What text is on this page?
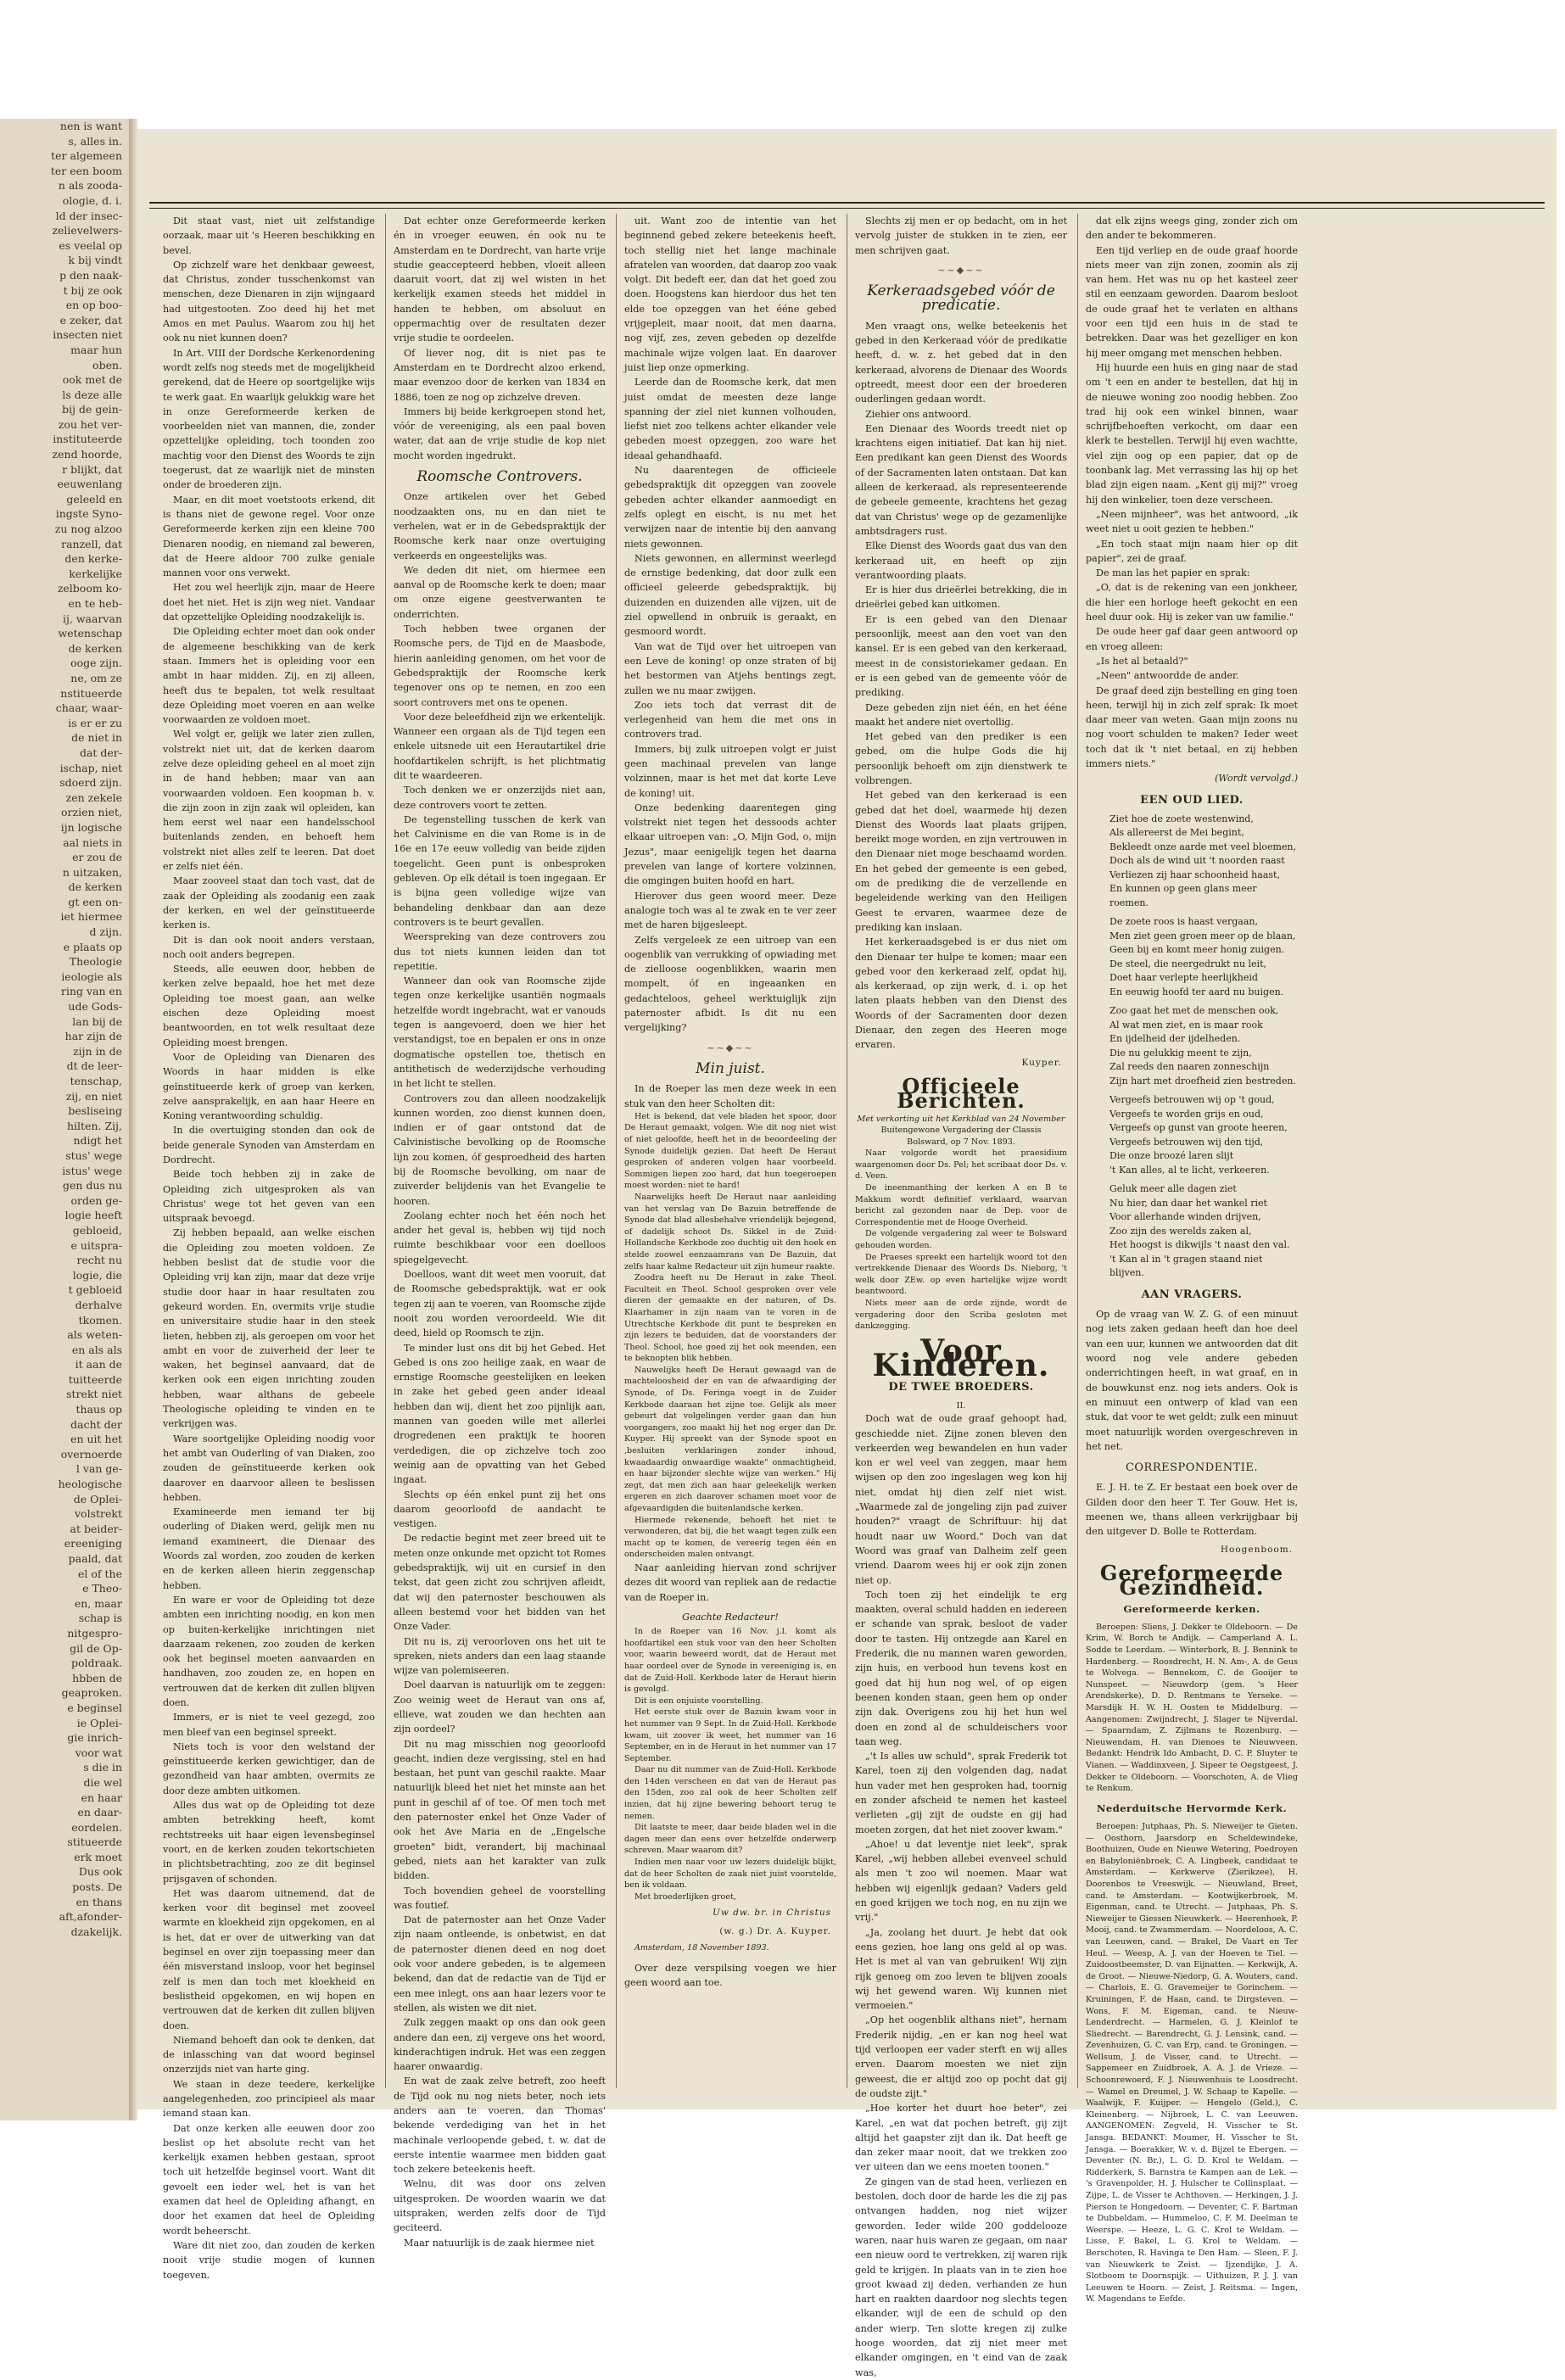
nen is want
s, alles in.
ter algemeen
ter een boom
n als zooda-
ologie, d. i.
ld der insec-
zelievelwers-
es veelal op
k bij vindt
p den naak-
t bij ze ook
en op boo-
e zeker, dat
insecten niet
maar hun
oben.
ook met de
ls deze alle
bij de gein-
zou het ver-
instituteerde
zend hoorde,
r blijkt, dat
eeuwenlang
geleeld en
ingste Syno-
zu nog alzoo
ranzell, dat
den kerke-
kerkelijke
zelboom ko-
en te heb-
ij, waarvan
wetenschap
de kerken
ooge zijn.
ne, om ze
nstitueerde
chaar, waar-
is er er zu
de niet in
dat der-
ischap, niet
sdoerd zijn.
zen zekele
orzien niet,
ijn logische
aal niets in
er zou de
n uitzaken,
de kerken
gt een on-
iet hiermee
d zijn.
e plaats op
Theologie
ieologie als
ring van en
ude Gods-
lan bij de
har zijn de
zijn in de
dt de leer-
tenschap,
zij, en niet
besliseing
hilten. Zij,
ndigt het
stus' wege
istus' wege
gen dus nu
orden ge-
logie heeft
gebloeid,
e uitspra-
recht nu
logie, die
t gebloeid
derhalve
tkomen.
als weten-
en als als
it aan de
tuitteerde
strekt niet
thaus op
dacht der
en uit het
overnoerde
l van ge-
heologische
de Oplei-
volstrekt
at beider-
ereeniging
paald, dat
el of the
e Theo-
en, maar
schap is
nitgespro-
gil de Op-
poldraak.
hbben de
geaproken.
e beginsel
ie Oplei-
gie inrich-
voor wat
s die in
die wel
en haar
en daar-
eordelen.
stitueerde
erk moet
Dus ook
posts. De
en thans
aft,afonder-
dzakelijk.

Dit staat vast, niet uit zelfstandige oorzaak, maar uit 's Heeren beschikking en bevel.

Op zichzelf ware het denkbaar geweest, dat Christus, zonder tusschenkomst van menschen, deze Dienaren in zijn wijngaard had uitgestooten. Zoo deed hij het met Amos en met Paulus. Waarom zou hij het ook nu niet kunnen doen?

In Art. VIII der Dordsche Kerkenordening wordt zelfs nog steeds met de mogelijkheid gerekend, dat de Heere op soortgelijke wijs te werk gaat. En waarlijk gelukkig ware het in onze Gereformeerde kerken de voorbeelden niet van mannen, die, zonder opzettelijke opleiding, toch toonden zoo machtig voor den Dienst des Woords te zijn toegerust, dat ze waarlijk niet de minsten onder de broederen zijn.

Maar, en dit moet voetstoots erkend, dit is thans niet de gewone regel. Voor onze Gereformeerde kerken zijn een kleine 700 Dienaren noodig, en niemand zal beweren, dat de Heere aldoor 700 zulke geniale mannen voor ons verwekt.

Het zou wel heerlijk zijn, maar de Heere doet het niet. Het is zijn weg niet. Vandaar dat opzettelijke Opleiding noodzakelijk is.

Die Opleiding echter moet dan ook onder de algemeene beschikking van de kerk staan. Immers het is opleiding voor een ambt in haar midden. Zij, en zij alleen, heeft dus te bepalen, tot welk resultaat deze Opleiding moet voeren en aan welke voorwaarden ze voldoen moet.

Wel volgt er, gelijk we later zien zullen, volstrekt niet uit, dat de kerken daarom zelve deze opleiding geheel en al moet zijn in de hand hebben; maar van aan voorwaarden voldoen. Een koopman b. v. die zijn zoon in zijn zaak wil opleiden, kan hem eerst wel naar een handelsschool buitenlands zenden, en behoeft hem volstrekt niet alles zelf te leeren. Dat doet er zelfs niet één.

Maar zooveel staat dan toch vast, dat de zaak der Opleiding als zoodanig een zaak der kerken, en wel der geïnstitueerde kerken is.

Dit is dan ook nooit anders verstaan, noch ooit anders begrepen.

Steeds, alle eeuwen door, hebben de kerken zelve bepaald, hoe het met deze Opleiding toe moest gaan, aan welke eischen deze Opleiding moest beantwoorden, en tot welk resultaat deze Opleiding moest brengen.

Voor de Opleiding van Dienaren des Woords in haar midden is elke geïnstitueerde kerk of groep van kerken, zelve aansprakelijk, en aan haar Heere en Koning verantwoording schuldig.

In die overtuiging stonden dan ook de beide generale Synoden van Amsterdam en Dordrecht.

Beide toch hebben zij in zake de Opleiding zich uitgesproken als van Christus' wege tot het geven van een uitspraak bevoegd.

Zij hebben bepaald, aan welke eischen die Opleiding zou moeten voldoen. Ze hebben beslist dat de studie voor die Opleiding vrij kan zijn, maar dat deze vrije studie door haar in haar resultaten zou gekeurd worden. En, overmits vrije studie en universitaire studie haar in den steek lieten, hebben zij, als geroepen om voor het ambt en voor de zuiverheid der leer te waken, het beginsel aanvaard, dat de kerken ook een eigen inrichting zouden hebben, waar althans de gebeele Theologische opleiding te vinden en te verkrijgen was.

Ware soortgelijke Opleiding noodig voor het ambt van Ouderling of van Diaken, zoo zouden de geïnstitueerde kerken ook daarover en daarvoor alleen te beslissen hebben.

Examineerde men iemand ter bij ouderling of Diaken werd, gelijk men nu iemand examineert, die Dienaar des Woords zal worden, zoo zouden de kerken en de kerken alleen hierin zeggenschap hebben.

En ware er voor de Opleiding tot deze ambten een inrichting noodig, en kon men op buiten-kerkelijke inrichtingen niet daarzaam rekenen, zoo zouden de kerken ook het beginsel moeten aanvaarden en handhaven, zoo zouden ze, en hopen en vertrouwen dat de kerken dit zullen blijven doen.

Immers, er is niet te veel gezegd, zoo men bleef van een beginsel spreekt.

Niets toch is voor den welstand der geïnstitueerde kerken gewichtiger, dan de gezondheid van haar ambten, overmits ze door deze ambten uitkomen.

Alles dus wat op de Opleiding tot deze ambten betrekking heeft, komt rechtstreeks uit haar eigen levensbeginsel voort, en de kerken zouden tekortschieten in plichtsbetrachting, zoo ze dit beginsel prijsgaven of schonden.

Het was daarom uitnemend, dat de kerken voor dit beginsel met zooveel warmte en kloekheid zijn opgekomen, en al is het, dat er over de uitwerking van dat beginsel en over zijn toepassing meer dan één misverstand insloop, voor het beginsel zelf is men dan toch met kloekheid en beslistheid opgekomen, en wij hopen en vertrouwen dat de kerken dit zullen blijven doen.

Niemand behoeft dan ook te denken, dat de inlassching van dat woord beginsel onzerzijds niet van harte ging.

We staan in deze teedere, kerkelijke aangelegenheden, zoo principieel als maar iemand staan kan.

Dat onze kerken alle eeuwen door zoo beslist op het absolute recht van het kerkelijk examen hebben gestaan, sproot toch uit hetzelfde beginsel voort. Want dit gevoelt een ieder wel, het is van het examen dat heel de Opleiding afhangt, en door het examen dat heel de Opleiding wordt beheerscht.

Ware dit niet zoo, dan zouden de kerken nooit vrije studie mogen of kunnen toegeven.

Dat echter onze Gereformeerde kerken én in vroeger eeuwen, én ook nu te Amsterdam en te Dordrecht, van harte vrije studie geaccepteerd hebben, vloeit alleen daaruit voort, dat zij wel wisten in het kerkelijk examen steeds het middel in handen te hebben, om absoluut en oppermachtig over de resultaten dezer vrije studie te oordeelen.

Of liever nog, dit is niet pas te Amsterdam en te Dordrecht alzoo erkend, maar evenzoo door de kerken van 1834 en 1886, toen ze nog op zichzelve dreven.

Immers bij beide kerkgroepen stond het, vóór de vereeniging, als een paal boven water, dat aan de vrije studie de kop niet mocht worden ingedrukt.

Roomsche Controvers.

Onze artikelen over het Gebed noodzaakten ons, nu en dan niet te verhelen, wat er in de Gebedspraktijk der Roomsche kerk naar onze overtuiging verkeerds en ongeestelijks was.

We deden dit niet, om hiermee een aanval op de Roomsche kerk te doen; maar om onze eigene geestverwanten te onderrichten.

Toch hebben twee organen der Roomsche pers, de Tijd en de Maasbode, hierin aanleiding genomen, om het voor de Gebedspraktijk der Roomsche kerk tegenover ons op te nemen, en zoo een soort controvers met ons te openen.

Voor deze beleefdheid zijn we erkentelijk. Wanneer een orgaan als de Tijd tegen een enkele uitsnede uit een Herautartikel drie hoofdartikelen schrijft, is het plichtmatig dit te waardeeren.

Toch denken we er onzerzijds niet aan, deze controvers voort te zetten.

De tegenstelling tusschen de kerk van het Calvinisme en die van Rome is in de 16e en 17e eeuw volledig van beide zijden toegelicht. Geen punt is onbesproken gebleven. Op elk détail is toen ingegaan. Er is bijna geen volledige wijze van behandeling denkbaar dan aan deze controvers is te beurt gevallen.

Weerspreking van deze controvers zou dus tot niets kunnen leiden dan tot repetitie.

Wanneer dan ook van Roomsche zijde tegen onze kerkelijke usantiën nogmaals hetzelfde wordt ingebracht, wat er vanouds tegen is aangevoerd, doen we hier het verstandigst, toe en bepalen er ons in onze dogmatische opstellen toe, thetisch en antithetisch de wederzijdsche verhouding in het licht te stellen.

Controvers zou dan alleen noodzakelijk kunnen worden, zoo dienst kunnen doen, indien er of gaar ontstond dat de Calvinistische bevolking op de Roomsche lijn zou komen, óf gesproedheid des harten bij de Roomsche bevolking, om naar de zuiverder belijdenis van het Evangelie te hooren.

Zoolang echter noch het één noch het ander het geval is, hebben wij tijd noch ruimte beschikbaar voor een doelloos spiegelgevecht.

Doelloos, want dit weet men vooruit, dat de Roomsche gebedspraktijk, wat er ook tegen zij aan te voeren, van Roomsche zijde nooit zou worden veroordeeld. Wie dit deed, hield op Roomsch te zijn.

Te minder lust ons dit bij het Gebed. Het Gebed is ons zoo heilige zaak, en waar de ernstige Roomsche geestelijken en leeken in zake het gebed geen ander ideaal hebben dan wij, dient het zoo pijnlijk aan, mannen van goeden wille met allerlei drogredenen een praktijk te hooren verdedigen, die op zichzelve toch zoo weinig aan de opvatting van het Gebed ingaat.

Slechts op één enkel punt zij het ons daarom geoorloofd de aandacht te vestigen.

De redactie begint met zeer breed uit te meten onze onkunde met opzicht tot Romes gebedspraktijk, wij uit en cursief in den tekst, dat geen zicht zou schrijven afleidt, dat wij den paternoster beschouwen als alleen bestemd voor het bidden van het Onze Vader.

Dit nu is, zij veroorloven ons het uit te spreken, niets anders dan een laag staande wijze van polemiseeren.

Doel daarvan is natuurlijk om te zeggen: Zoo weinig weet de Heraut van ons af, ellieve, wat zouden we dan hechten aan zijn oordeel?

Dit nu mag misschien nog geoorloofd geacht, indien deze vergissing, stel en had bestaan, het punt van geschil raakte. Maar natuurlijk bleed het niet het minste aan het punt in geschil af of toe. Of men toch met den paternoster enkel het Onze Vader of ook het Ave Maria en de „Engelsche groeten" bidt, verandert, bij machinaal gebed, niets aan het karakter van zulk bidden.

Toch bovendien geheel de voorstelling was foutief.

Dat de paternoster aan het Onze Vader zijn naam ontleende, is onbetwist, en dat de paternoster dienen deed en nog doet ook voor andere gebeden, is te algemeen bekend, dan dat de redactie van de Tijd er een mee inlegt, ons aan haar lezers voor te stellen, als wisten we dit niet.

Zulk zeggen maakt op ons dan ook geen andere dan een, zij vergeve ons het woord, kinderachtigen indruk. Het was een zeggen haarer onwaardig.

En wat de zaak zelve betreft, zoo heeft de Tijd ook nu nog niets beter, noch iets anders aan te voeren, dan Thomas' bekende verdediging van het in het machinale verloopende gebed, t. w. dat de eerste intentie waarmee men bidden gaat toch zekere beteekenis heeft.

Welnu, dit was door ons zelven uitgesproken. De woorden waarin we dat uitspraken, werden zelfs door de Tijd geciteerd.

Maar natuurlijk is de zaak hiermee niet

uit. Want zoo de intentie van het beginnend gebed zekere beteekenis heeft, toch stellig niet het lange machinale afratelen van woorden, dat daarop zoo vaak volgt. Dit bedeft eer, dan dat het goed zou doen. Hoogstens kan hierdoor dus het ten elde toe opzeggen van het ééne gebed vrijgepleit, maar nooit, dat men daarna, nog vijf, zes, zeven gebeden op dezelfde machinale wijze volgen laat. En daarover juist liep onze opmerking.

Leerde dan de Roomsche kerk, dat men juist omdat de meesten deze lange spanning der ziel niet kunnen volhouden, liefst niet zoo telkens achter elkander vele gebeden moest opzeggen, zoo ware het ideaal gehandhaafd.

Nu daarentegen de officieele gebedspraktijk dit opzeggen van zoovele gebeden achter elkander aanmoedigt en zelfs oplegt en eischt, is nu met het verwijzen naar de intentie bij den aanvang niets gewonnen.

Niets gewonnen, en allerminst weerlegd de ernstige bedenking, dat door zulk een officieel geleerde gebedspraktijk, bij duizenden en duizenden alle vijzen, uit de ziel opwellend in onbruik is geraakt, en gesmoord wordt.

Van wat de Tijd over het uitroepen van een Leve de koning! op onze straten of bij het bestormen van Atjehs bentings zegt, zullen we nu maar zwijgen.

Zoo iets toch dat verrast dit de verlegenheid van hem die met ons in controvers trad.

Immers, bij zulk uitroepen volgt er juist geen machinaal prevelen van lange volzinnen, maar is het met dat korte Leve de koning! uit.

Onze bedenking daarentegen ging volstrekt niet tegen het dessoods achter elkaar uitroepen van: „O, Mijn God, o, mijn Jezus", maar eenigelijk tegen het daarna prevelen van lange of kortere volzinnen, die omgingen buiten hoofd en hart.

Hierover dus geen woord meer. Deze analogie toch was al te zwak en te ver zeer met de haren bijgesleept.

Zelfs vergeleek ze een uitroep van een oogenblik van verrukking of opwiading met de zielloose oogenblikken, waarin men mompelt, óf en ingeaanken en gedachteloos, geheel werktuiglijk zijn paternoster afbidt. Is dit nu een vergelijking?

~~◆~~
Min juist.

In de Roeper las men deze week in een stuk van den heer Scholten dit:

Het is bekend, dat vele bladen het spoor, door De Heraut gemaakt, volgen. Wie dit nog niet wist of niet geloofde, heeft het in de beoordeeling der Synode duidelijk gezien. Dat heeft De Heraut gesproken of anderen volgen haar voorbeeld. Sommigen liepen zoo hard, dat hun toegeroepen moest worden: niet te hard!

Naarwelijks heeft De Heraut naar aanleiding van het verslag van De Bazuin betreffende de Synode dat blad allesbehalve vriendelijk bejegend, of dadelijk schoot Ds. Sikkel in de Zuid-Hollandsche Kerkbode zoo duchtig uit den hoek en stelde zoowel eenzaamrans van De Bazuin, dat zelfs haar kalme Redacteur uit zijn humeur raakte.

Zoodra heeft nu De Heraut in zake Theol. Faculteit en Theol. School gesproken over vele dieren der gemaakte en der naturen, of Ds. Klaarhamer in zijn naam van te voren in de Utrechtsche Kerkbode dit punt te bespreken en zijn lezers te beduiden, dat de voorstanders der Theol. School, hoe goed zij het ook meenden, een te beknopten blik hebben.

Nauwelijks heeft De Heraut gewaagd van de machteloosheid der en van de afwaardiging der Synode, of Ds. Feringa voegt in de Zuider Kerkbode daaraan het zijne toe. Gelijk als meer gebeurt dat volgelingen verder gaan dan hun voorgangers, zoo maakt hij het nog erger dan Dr. Kuyper. Hij spreekt van der Synode spoot en ‚besluiten verklaringen zonder inhoud, kwaadaardig onwaardige waakte" onmachtigheid, en haar bijzonder slechte wijze van werken." Hij zegt, dat men zich aan haar geleekelijk werken ergeren en zich daarover schamen moet voor de afgevaardigden die buitenlandsche kerken.

Hiermede rekenende, behoeft het niet te verwonderen, dat bij, die het waagt tegen zulk een macht op te komen, de vereerig tegen één en onderscheiden malen ontvangt.

Naar aanleiding hiervan zond schrijver dezes dit woord van repliek aan de redactie van de Roeper in.

Geachte Redacteur!

In de Roeper van 16 Nov. j.l. komt als hoofdartikel een stuk voor van den heer Scholten voor, waarin beweerd wordt, dat de Heraut met haar oordeel over de Synode in vereeniging is, en dat de Zuid-Holl. Kerkbode later de Heraut hierin is gevolgd.

Dit is een onjuiste voorstelling.

Het eerste stuk over de Bazuin kwam voor in het nummer van 9 Sept. In de Zuid-Holl. Kerkbode kwam, uit zoover ik weet, het nummer van 16 September, en in de Heraut in het nummer van 17 September.

Daar nu dit nummer van de Zuid-Holl. Kerkbode den 14den verscheen en dat van de Heraut pas den 15den, zoo zal ook de heer Scholten zelf inzien, dat hij zijne bewering behoort terug te nemen.

Dit laatste te meer, daar beide bladen wel in die dagen meer dan eens over hetzelfde onderwerp schreven. Maar waarom dit?

Indien men naar voor uw lezers duidelijk blijkt, dat de heer Scholten de zaak niet juist voorstelde, ben ik voldaan.

Met broederlijken groet,

Uw dw. br. in Christus
(w. g.) Dr. A. Kuyper.
Amsterdam, 18 November 1893.

Over deze verspilsing voegen we hier geen woord aan toe.

Slechts zij men er op bedacht, om in het vervolg juister de stukken in te zien, eer men schrijven gaat.

~~◆~~
Kerkeraadsgebed vóór de predicatie.

Men vraagt ons, welke beteekenis het gebed in den Kerkeraad vóór de predikatie heeft, d. w. z. het gebed dat in den kerkeraad, alvorens de Dienaar des Woords optreedt, meest door een der broederen ouderlingen gedaan wordt.

Ziehier ons antwoord.

Een Dienaar des Woords treedt niet op krachtens eigen initiatief. Dat kan hij niet. Een predikant kan geen Dienst des Woords of der Sacramenten laten ontstaan. Dat kan alleen de kerkeraad, als representeerende de gebeele gemeente, krachtens het gezag dat van Christus' wege op de gezamenlijke ambtsdragers rust.

Elke Dienst des Woords gaat dus van den kerkeraad uit, en heeft op zijn verantwoording plaats.

Er is hier dus drieërlei betrekking, die in drieërlei gebed kan uitkomen.

Er is een gebed van den Dienaar persoonlijk, meest aan den voet van den kansel. Er is een gebed van den kerkeraad, meest in de consistoriekamer gedaan. En er is een gebed van de gemeente vóór de prediking.

Deze gebeden zijn niet één, en het ééne maakt het andere niet overtollig.

Het gebed van den prediker is een gebed, om die hulpe Gods die hij persoonlijk behoeft om zijn dienstwerk te volbrengen.

Het gebed van den kerkeraad is een gebed dat het doel, waarmede hij dezen Dienst des Woords laat plaats grijpen, bereikt moge worden, en zijn vertrouwen in den Dienaar niet moge beschaamd worden. En het gebed der gemeente is een gebed, om de prediking die de verzellende en begeleidende werking van den Heiligen Geest te ervaren, waarmee deze de prediking kan inslaan.

Het kerkeraadsgebed is er dus niet om den Dienaar ter hulpe te komen; maar een gebed voor den kerkeraad zelf, opdat hij, als kerkeraad, op zijn werk, d. i. op het laten plaats hebben van den Dienst des Woords of der Sacramenten door dezen Dienaar, den zegen des Heeren moge ervaren.

Kuyper.
Officieele Berichten.
Met verkorting uit het Kerkblad van 24 November
Buitengewone Vergadering der Classis Bolsward, op 7 Nov. 1893.

Naar volgorde wordt het praesidium waargenomen door Ds. Pel; het scribaat door Ds. v. d. Veen.

De ineenmanthing der kerken A en B te Makkum wordt definitief verklaard, waarvan bericht zal gezonden naar de Dep. voor de Correspondentie met de Hooge Overheid.

De volgende vergadering zal weer te Bolsward gehouden worden.

De Praeses spreekt een hartelijk woord tot den vertrekkende Dienaar des Woords Ds. Nieborg, 't welk door ZEw. op even hartelijke wijze wordt beantwoord.

Niets meer aan de orde zijnde, wordt de vergadering door den Scriba gesloten met dankzegging.

Voor Kinderen.
DE TWEE BROEDERS.
II.

Doch wat de oude graaf gehoopt had, geschiedde niet. Zijne zonen bleven den verkeerden weg bewandelen en hun vader kon er wel veel van zeggen, maar hem wijsen op den zoo ingeslagen weg kon hij niet, omdat hij dien zelf niet wist. „Waarmede zal de jongeling zijn pad zuiver houden?" vraagt de Schriftuur: hij dat houdt naar uw Woord." Doch van dat Woord was graaf van Dalheim zelf geen vriend. Daarom wees hij er ook zijn zonen niet op.

Toch toen zij het eindelijk te erg maakten, overal schuld hadden en iedereen er schande van sprak, besloot de vader door te tasten. Hij ontzegde aan Karel en Frederik, die nu mannen waren geworden, zijn huis, en verbood hun tevens kost en goed dat hij hun nog wel, of op eigen beenen konden staan, geen hem op onder zijn dak. Overigens zou hij het hun wel doen en zond al de schuldeischers voor taan weg.

„'t Is alles uw schuld", sprak Frederik tot Karel, toen zij den volgenden dag, nadat hun vader met hen gesproken had, toornig en zonder afscheid te nemen het kasteel verlieten „gij zijt de oudste en gij had moeten zorgen, dat het niet zoover kwam."

„Ahoe! u dat leventje niet leek", sprak Karel, „wij hebben allebei evenveel schuld als men 't zoo wil noemen. Maar wat hebben wij eigenlijk gedaan? Vaders geld en goed krijgen we toch nog, en nu zijn we vrij."

„Ja, zoolang het duurt. Je hebt dat ook eens gezien, hoe lang ons geld al op was. Het is met al van van gebruiken! Wij zijn rijk genoeg om zoo leven te blijven zooals wij het gewend waren. Wij kunnen niet vermoeien."

„Op het oogenblik althans niet", hernam Frederik nijdig, „en er kan nog heel wat tijd verloopen eer vader sterft en wij alles erven. Daarom moesten we niet zijn geweest, die er altijd zoo op pocht dat gij de oudste zijt."

„Hoe korter het duurt hoe beter", zei Karel, „en wat dat pochen betreft, gij zijt altijd het gaapster zijt dan ik. Dat heeft ge dan zeker maar nooit, dat we trekken zoo ver uiteen dan we eens moeten toonen."

Ze gingen van de stad heen, verliezen en bestolen, doch door de harde les die zij pas ontvangen hadden, nog niet wijzer geworden. Ieder wilde 200 goddelooze waren, naar huis waren ze gegaan, om naar een nieuw oord te vertrekken, zij waren rijk geld te krijgen. In plaats van in te zien hoe groot kwaad zij deden, verhanden ze hun hart en raakten daardoor nog slechts tegen elkander, wijl de een de schuld op den ander wierp. Ten slotte kregen zij zulke hooge woorden, dat zij niet meer met elkander omgingen, en 't eind van de zaak was,

dat elk zijns weegs ging, zonder zich om den ander te bekommeren.

Een tijd verliep en de oude graaf hoorde niets meer van zijn zonen, zoomin als zij van hem. Het was nu op het kasteel zeer stil en eenzaam geworden. Daarom besloot de oude graaf het te verlaten en althans voor een tijd een huis in de stad te betrekken. Daar was het gezelliger en kon hij meer omgang met menschen hebben.

Hij huurde een huis en ging naar de stad om 't een en ander te bestellen, dat hij in de nieuwe woning zoo noodig hebben. Zoo trad hij ook een winkel binnen, waar schrijfbehoeften verkocht, om daar een klerk te bestellen. Terwijl hij even wachtte, viel zijn oog op een papier, dat op de toonbank lag. Met verrassing las hij op het blad zijn eigen naam. „Kent gij mij?" vroeg hij den winkelier, toen deze verscheen.

„Neen mijnheer", was het antwoord, „ik weet niet u ooit gezien te hebben."

„En toch staat mijn naam hier op dit papier", zei de graaf.

De man las het papier en sprak:

„O, dat is de rekening van een jonkheer, die hier een horloge heeft gekocht en een heel duur ook. Hij is zeker van uw familie."

De oude heer gaf daar geen antwoord op en vroeg alleen:

„Is het al betaald?"

„Neen" antwoordde de ander.

De graaf deed zijn bestelling en ging toen heen, terwijl hij in zich zelf sprak: Ik moet daar meer van weten. Gaan mijn zoons nu nog voort schulden te maken? Ieder weet toch dat ik 't niet betaal, en zij hebben immers niets."

(Wordt vervolgd.)
EEN OUD LIED.
Ziet hoe de zoete westenwind,
Als allereerst de Mei begint,
Bekleedt onze aarde met veel bloemen,
Doch als de wind uit 't noorden raast
Verliezen zij haar schoonheid haast,
En kunnen op geen glans meer roemen.

De zoete roos is haast vergaan,
Men ziet geen groen meer op de blaan,
Geen bij en komt meer honig zuigen.
De steel, die neergedrukt nu leit,
Doet haar verlepte heerlijkheid
En eeuwig hoofd ter aard nu buigen.

Zoo gaat het met de menschen ook,
Al wat men ziet, en is maar rook
En ijdelheid der ijdelheden.
Die nu gelukkig meent te zijn,
Zal reeds den naaren zonneschijn
Zijn hart met droefheid zien bestreden.

Vergeefs betrouwen wij op 't goud,
Vergeefs te worden grijs en oud,
Vergeefs op gunst van groote heeren,
Vergeefs betrouwen wij den tijd,
Die onze broozé laren slijt
't Kan alles, al te licht, verkeeren.

Geluk meer alle dagen ziet
Nu hier, dan daar het wankel riet
Voor allerhande winden drijven,
Zoo zijn des werelds zaken al,
Het hoogst is dikwijls 't naast den val.
't Kan al in 't gragen staand niet blijven.
AAN VRAGERS.

Op de vraag van W. Z. G. of een minuut nog iets zaken gedaan heeft dan hoe deel van een uur, kunnen we antwoorden dat dit woord nog vele andere gebeden onderrichtingen heeft, in wat graaf, en in de bouwkunst enz. nog iets anders. Ook is en minuut een ontwerp of klad van een stuk, dat voor te wet geldt; zulk een minuut moet natuurlijk worden overgeschreven in het net.

CORRESPONDENTIE.

E. J. H. te Z. Er bestaat een boek over de Gilden door den heer T. Ter Gouw. Het is, meenen we, thans alleen verkrijgbaar bij den uitgever D. Bolle te Rotterdam.

Hoogenboom.
Gereformeerde Gezindheid.
Gereformeerde kerken.

Beroepen: Sliens, J. Dekker te Oldeboorn. — De Krim, W. Borch te Andijk. — Camperland A. L. Sodde te Leerdam. — Winterbork, B. J. Bennink te Hardenberg. — Roosdrecht, H. N. Am-, A. de Geus te Wolvega. — Bennekom, C. de Gooijer te Nunspeet. — Nieuwdorp (gem. 's Heer Arendskerke), D. D. Rentmans te Yerseke. — Marsdijk H. W. H. Oosten te Middelburg. — Aangenomen: Zwijndrecht, J. Slager te Nijverdal. — Spaarndam, Z. Zijlmans te Rozenburg. — Nieuwendam, H. van Dienoes te Nieuwveen. Bedankt: Hendrik Ido Ambacht, D. C. P. Sluyter te Vianen. — Waddinxveen, J. Sipeer te Oegstgeest, J. Dekker te Oldeboorn. — Voorschoten, A. de Vlieg te Renkum.

Nederduitsche Hervormde Kerk.

Beroepen: Jutphaas, Ph. S. Nieweijer te Gieten. — Oosthorn, Jaarsdorp en Scheldewindeke, Boothuizen, Oude en Nieuwe Wetering, Poedroyen en Babyloniënbroek, C. A. Lingbeek, candidaat te Amsterdam. — Kerkwerve (Zierikzee), H. Doorenbos te Vreeswijk. — Nieuwland, Breet, cand. te Amsterdam. — Kootwijkerbroek, M. Eigenman, cand. te Utrecht. — Jutphaas, Ph. S. Nieweijer te Giessen Nieuwkerk. — Heerenhoek, P. Mooij, cand. te Zwammerdam. — Noordeloos, A. C. van Leeuwen, cand. — Brakel, De Vaart en Ter Heul. — Weesp, A. J. van der Hoeven te Tiel. — Zuidoostbeemster, D. van Eijnatten. — Kerkwijk, A. de Groot. — Nieuwe-Niedorp, G. A. Wouters, cand. — Charlois, E. G. Gravemeijer te Gorinchem. — Kruiningen, F. de Haan, cand. te Dirgsteven. — Wons, F. M. Eigeman, cand. te Nieuw-Lenderdrecht. — Harmelen, G. J. Kleinlof te Sliedrecht. — Barendrecht, G. J. Lensink, cand. — Zevenhuizen, G. C. van Erp, cand. te Groningen. — Wellsum, J. de Visser, cand. te Utrecht. — Sappemeer en Zuidbroek, A. A. J. de Vrieze. — Schoonrewoerd, F. J. Nieuwenhuis te Loosdrecht. — Wamel en Dreumel, J. W. Schaap te Kapelle. — Waalwijk, F. Kuijper. — Hengelo (Geld.), C. Kleinenberg. — Nijbroek, L. C. van Leeuwen. AANGENOMEN: Zegveld, H. Visscher te St. Jansga. BEDANKT: Moumer, H. Visscher te St. Jansga. — Boerakker, W. v. d. Bijzel te Ebergen. — Deventer (N. Br.), L. G. D. Krol te Weldam. — Ridderkerk, S. Barnstra te Kampen aan de Lek. — 's Gravenpolder, H. J. Hulscher te Collinsplaat. — Zijpe, L. de Visser te Achthoven. — Herkingen, J. J. Pierson te Hongedoorn. — Deventer, C. F. Bartman te Dubbeldam. — Hummeloo, C. F. M. Deelman te Weerspe. — Heeze, L. G. C. Krol te Weldam. — Lisse, F. Bakel, L. G. Krol te Weldam. — Berschoten, R. Havinga te Den Ham. — Sleen, F. J. van Nieuwkerk te Zeist. — Ijzendijke, J. A. Slotboom te Doornspijk. — Uithuizen, P. J. J. van Leeuwen te Hoorn. — Zeist, J. Reitsma. — Ingen, W. Magendans te Eefde.
